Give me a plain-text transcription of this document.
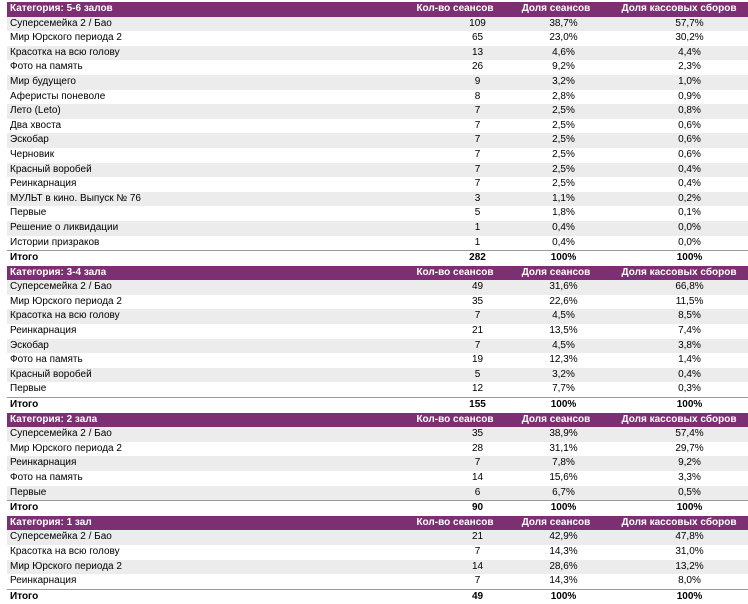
Категория: 5-6 залов	Кол-во сеансов	Доля сеансов	Доля кассовых сборов
Суперсемейка 2 / Бао	109	38,7%	57,7%
Мир Юрского периода 2	65	23,0%	30,2%
Красотка на всю голову	13	4,6%	4,4%
Фото на память	26	9,2%	2,3%
Мир будущего	9	3,2%	1,0%
Аферисты поневоле	8	2,8%	0,9%
Лето (Leto)	7	2,5%	0,8%
Два хвоста	7	2,5%	0,6%
Эскобар	7	2,5%	0,6%
Черновик	7	2,5%	0,6%
Красный воробей	7	2,5%	0,4%
Реинкарнация	7	2,5%	0,4%
МУЛЬТ в кино. Выпуск № 76	3	1,1%	0,2%
Первые	5	1,8%	0,1%
Решение о ликвидации	1	0,4%	0,0%
Истории призраков	1	0,4%	0,0%
Итого	282	100%	100%
Категория: 3-4 зала	Кол-во сеансов	Доля сеансов	Доля кассовых сборов
Суперсемейка 2 / Бао	49	31,6%	66,8%
Мир Юрского периода 2	35	22,6%	11,5%
Красотка на всю голову	7	4,5%	8,5%
Реинкарнация	21	13,5%	7,4%
Эскобар	7	4,5%	3,8%
Фото на память	19	12,3%	1,4%
Красный воробей	5	3,2%	0,4%
Первые	12	7,7%	0,3%
Итого	155	100%	100%
Категория: 2 зала	Кол-во сеансов	Доля сеансов	Доля кассовых сборов
Суперсемейка 2 / Бао	35	38,9%	57,4%
Мир Юрского периода 2	28	31,1%	29,7%
Реинкарнация	7	7,8%	9,2%
Фото на память	14	15,6%	3,3%
Первые	6	6,7%	0,5%
Итого	90	100%	100%
Категория: 1 зал	Кол-во сеансов	Доля сеансов	Доля кассовых сборов
Суперсемейка 2 / Бао	21	42,9%	47,8%
Красотка на всю голову	7	14,3%	31,0%
Мир Юрского периода 2	14	28,6%	13,2%
Реинкарнация	7	14,3%	8,0%
Итого	49	100%	100%
